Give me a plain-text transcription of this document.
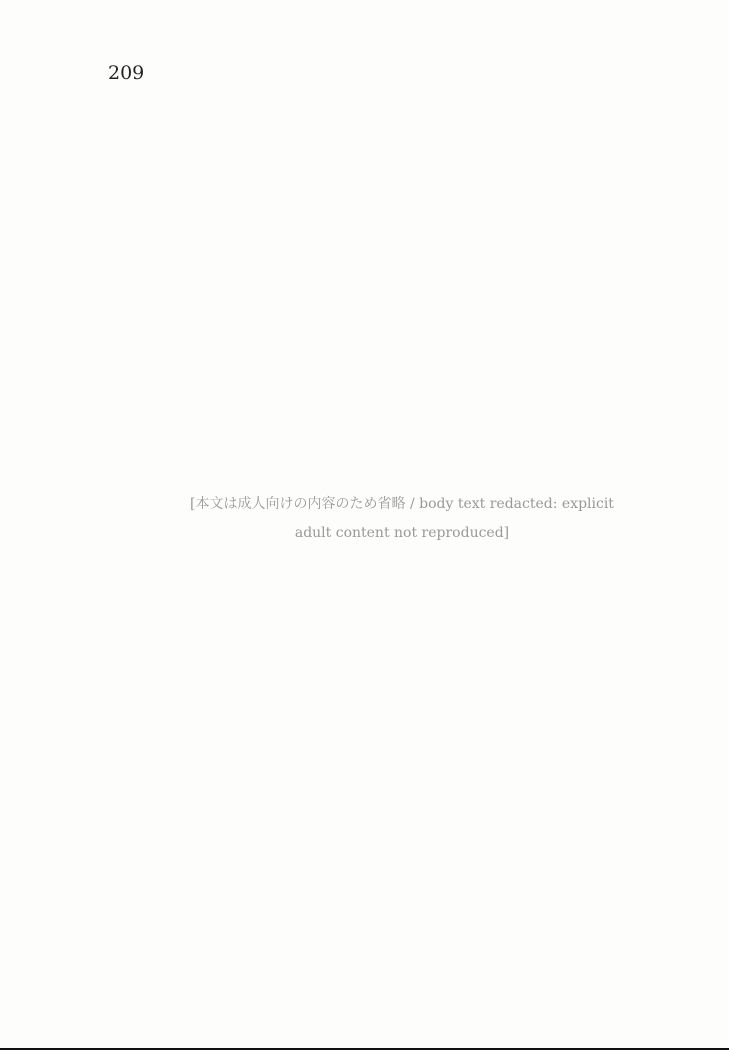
209
[本文は成人向けの内容のため省略 / body text redacted: explicit adult content not reproduced]
